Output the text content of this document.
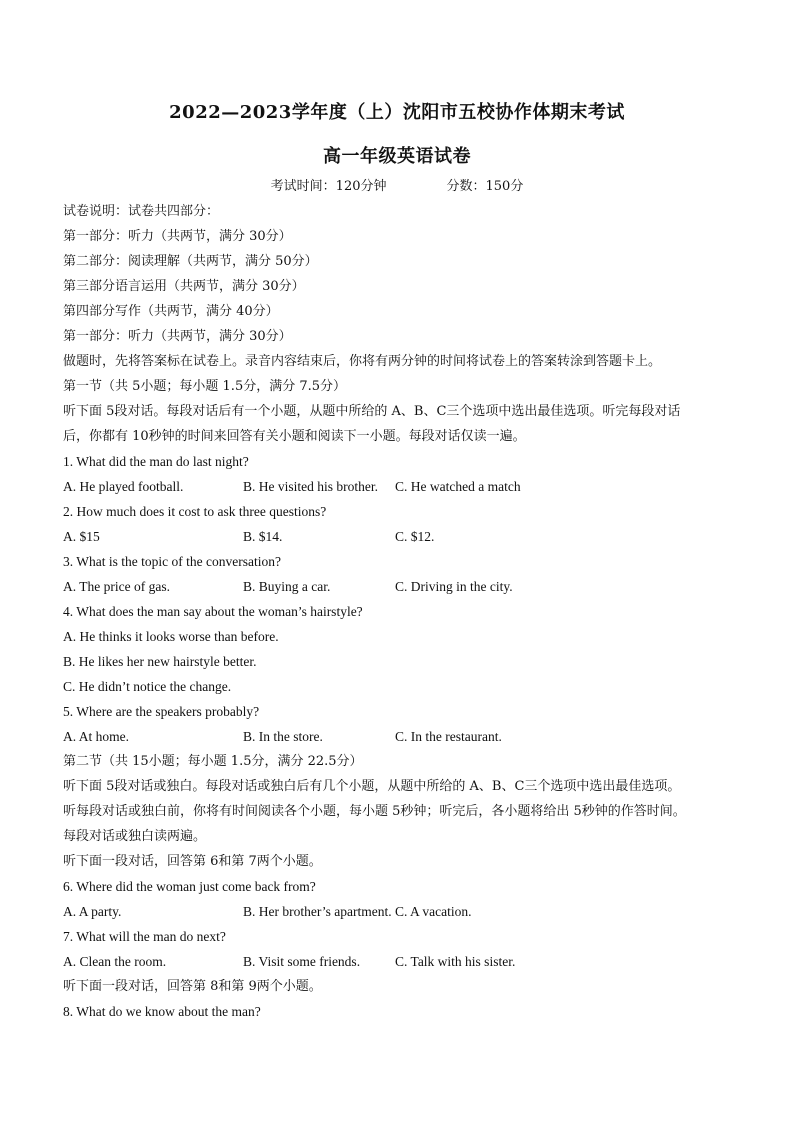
2022—2023学年度（上）沈阳市五校协作体期末考试
高一年级英语试卷
考试时间：120分钟	分数：150分
试卷说明：试卷共四部分：
第一部分：听力（共两节，满分 30分）
第二部分：阅读理解（共两节，满分 50分）
第三部分语言运用（共两节，满分 30分）
第四部分写作（共两节，满分 40分）
第一部分：听力（共两节，满分 30分）
做题时，先将答案标在试卷上。录音内容结束后，你将有两分钟的时间将试卷上的答案转涂到答题卡上。
第一节（共 5小题；每小题 1.5分，满分 7.5分）
听下面 5段对话。每段对话后有一个小题，从题中所给的 A、B、C三个选项中选出最佳选项。听完每段对话
后，你都有 10秒钟的时间来回答有关小题和阅读下一小题。每段对话仅读一遍。
1. What did the man do last night?
A. He played football.	B. He visited his brother.	C. He watched a match
2. How much does it cost to ask three questions?
A. $15	B. $14.	C. $12.
3. What is the topic of the conversation?
A. The price of gas.	B. Buying a car.	C. Driving in the city.
4. What does the man say about the woman’s hairstyle?
A. He thinks it looks worse than before.
B. He likes her new hairstyle better.
C. He didn’t notice the change.
5. Where are the speakers probably?
A. At home.	B. In the store.	C. In the restaurant.
第二节（共 15小题；每小题 1.5分，满分 22.5分）
听下面 5段对话或独白。每段对话或独白后有几个小题，从题中所给的 A、B、C三个选项中选出最佳选项。
听每段对话或独白前，你将有时间阅读各个小题，每小题 5秒钟；听完后，各小题将给出 5秒钟的作答时间。
每段对话或独白读两遍。
听下面一段对话，回答第 6和第 7两个小题。
6. Where did the woman just come back from?
A. A party.	B. Her brother’s apartment. C. A vacation.
7. What will the man do next?
A. Clean the room.	B. Visit some friends.	C. Talk with his sister.
听下面一段对话，回答第 8和第 9两个小题。
8. What do we know about the man?
